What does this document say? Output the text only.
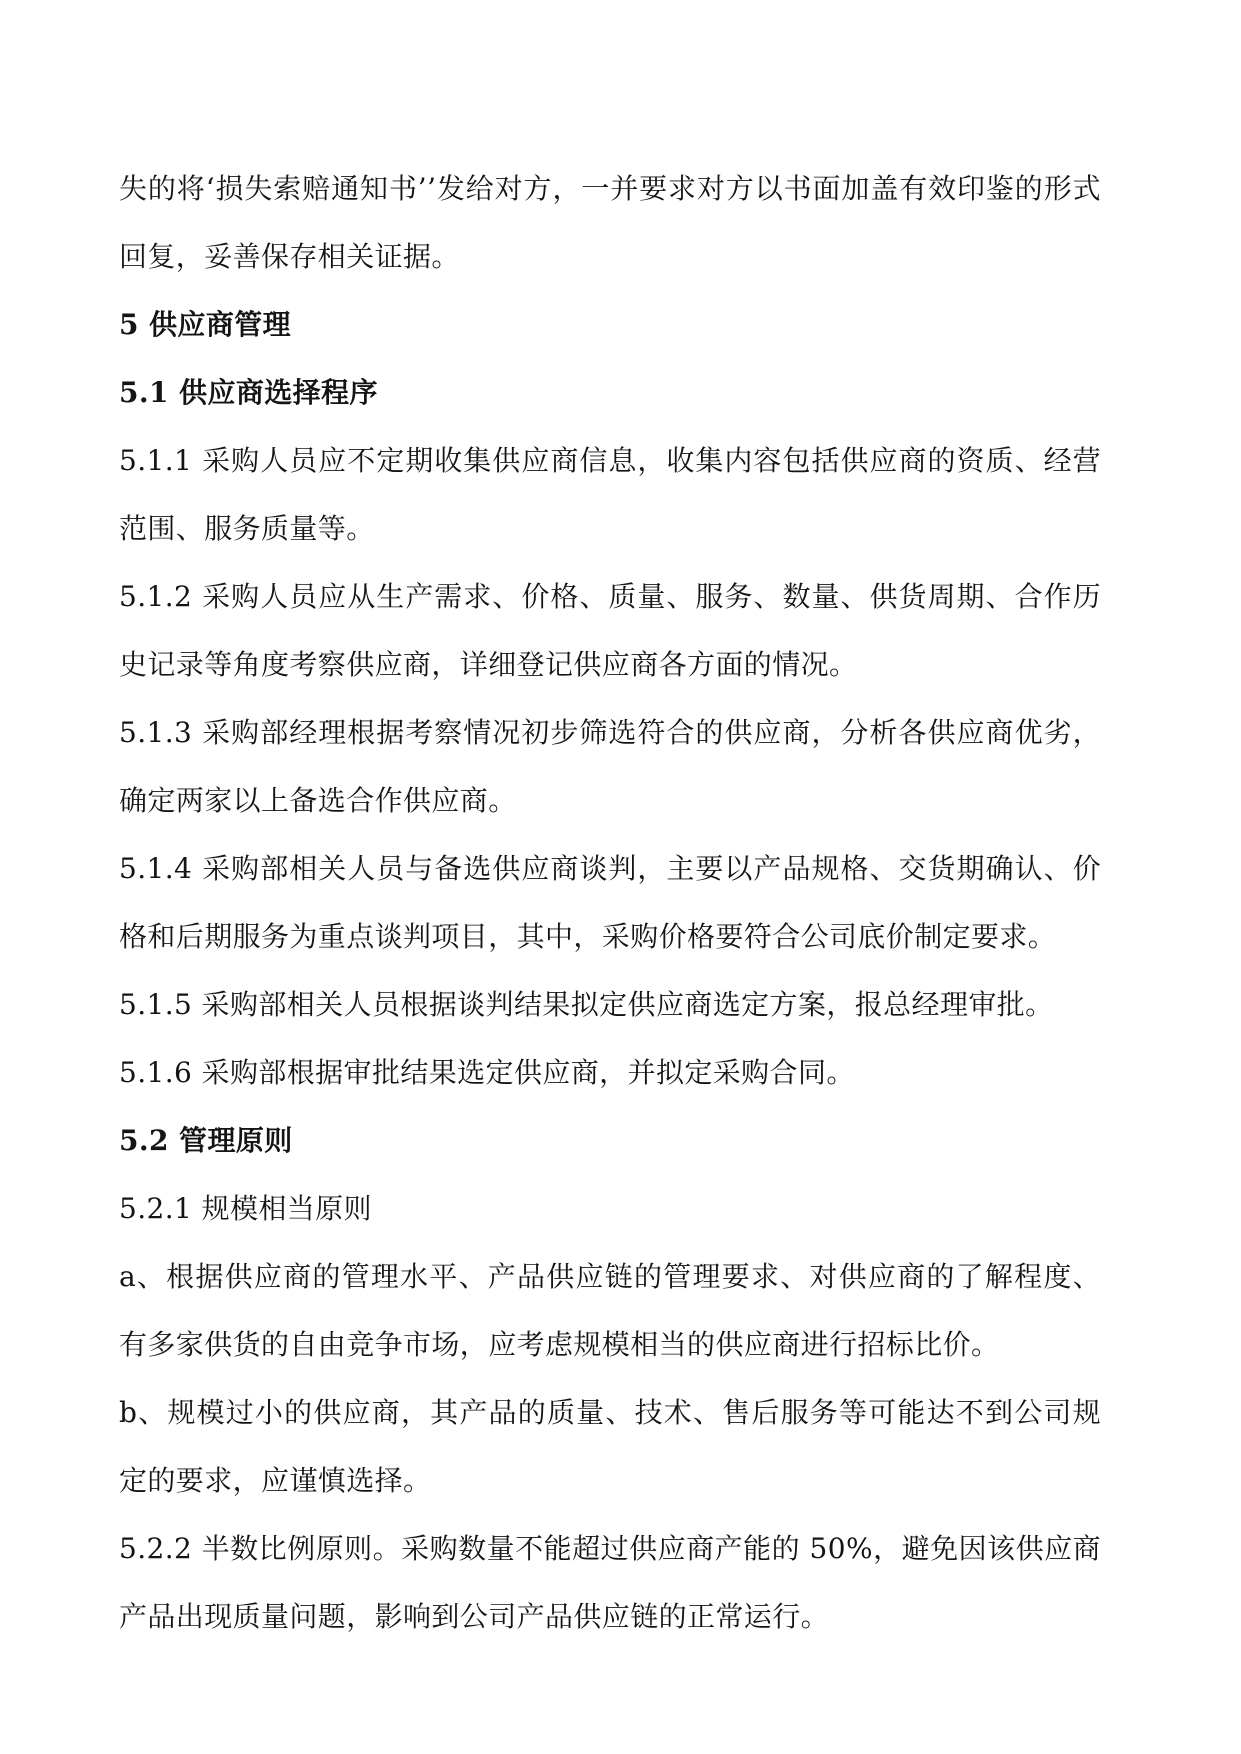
失的将‘损失索赔通知书’’发给对方，一并要求对方以书面加盖有效印鉴的形式
回复，妥善保存相关证据。
5 供应商管理
5.1 供应商选择程序
5.1.1 采购人员应不定期收集供应商信息，收集内容包括供应商的资质、经营
范围、服务质量等。
5.1.2 采购人员应从生产需求、价格、质量、服务、数量、供货周期、合作历
史记录等角度考察供应商，详细登记供应商各方面的情况。
5.1.3 采购部经理根据考察情况初步筛选符合的供应商，分析各供应商优劣，
确定两家以上备选合作供应商。
5.1.4 采购部相关人员与备选供应商谈判，主要以产品规格、交货期确认、价
格和后期服务为重点谈判项目，其中，采购价格要符合公司底价制定要求。
5.1.5 采购部相关人员根据谈判结果拟定供应商选定方案，报总经理审批。
5.1.6 采购部根据审批结果选定供应商，并拟定采购合同。
5.2 管理原则
5.2.1 规模相当原则
a、根据供应商的管理水平、产品供应链的管理要求、对供应商的了解程度、
有多家供货的自由竞争市场，应考虑规模相当的供应商进行招标比价。
b、规模过小的供应商，其产品的质量、技术、售后服务等可能达不到公司规
定的要求，应谨慎选择。
5.2.2 半数比例原则。采购数量不能超过供应商产能的 50%，避免因该供应商
产品出现质量问题，影响到公司产品供应链的正常运行。
